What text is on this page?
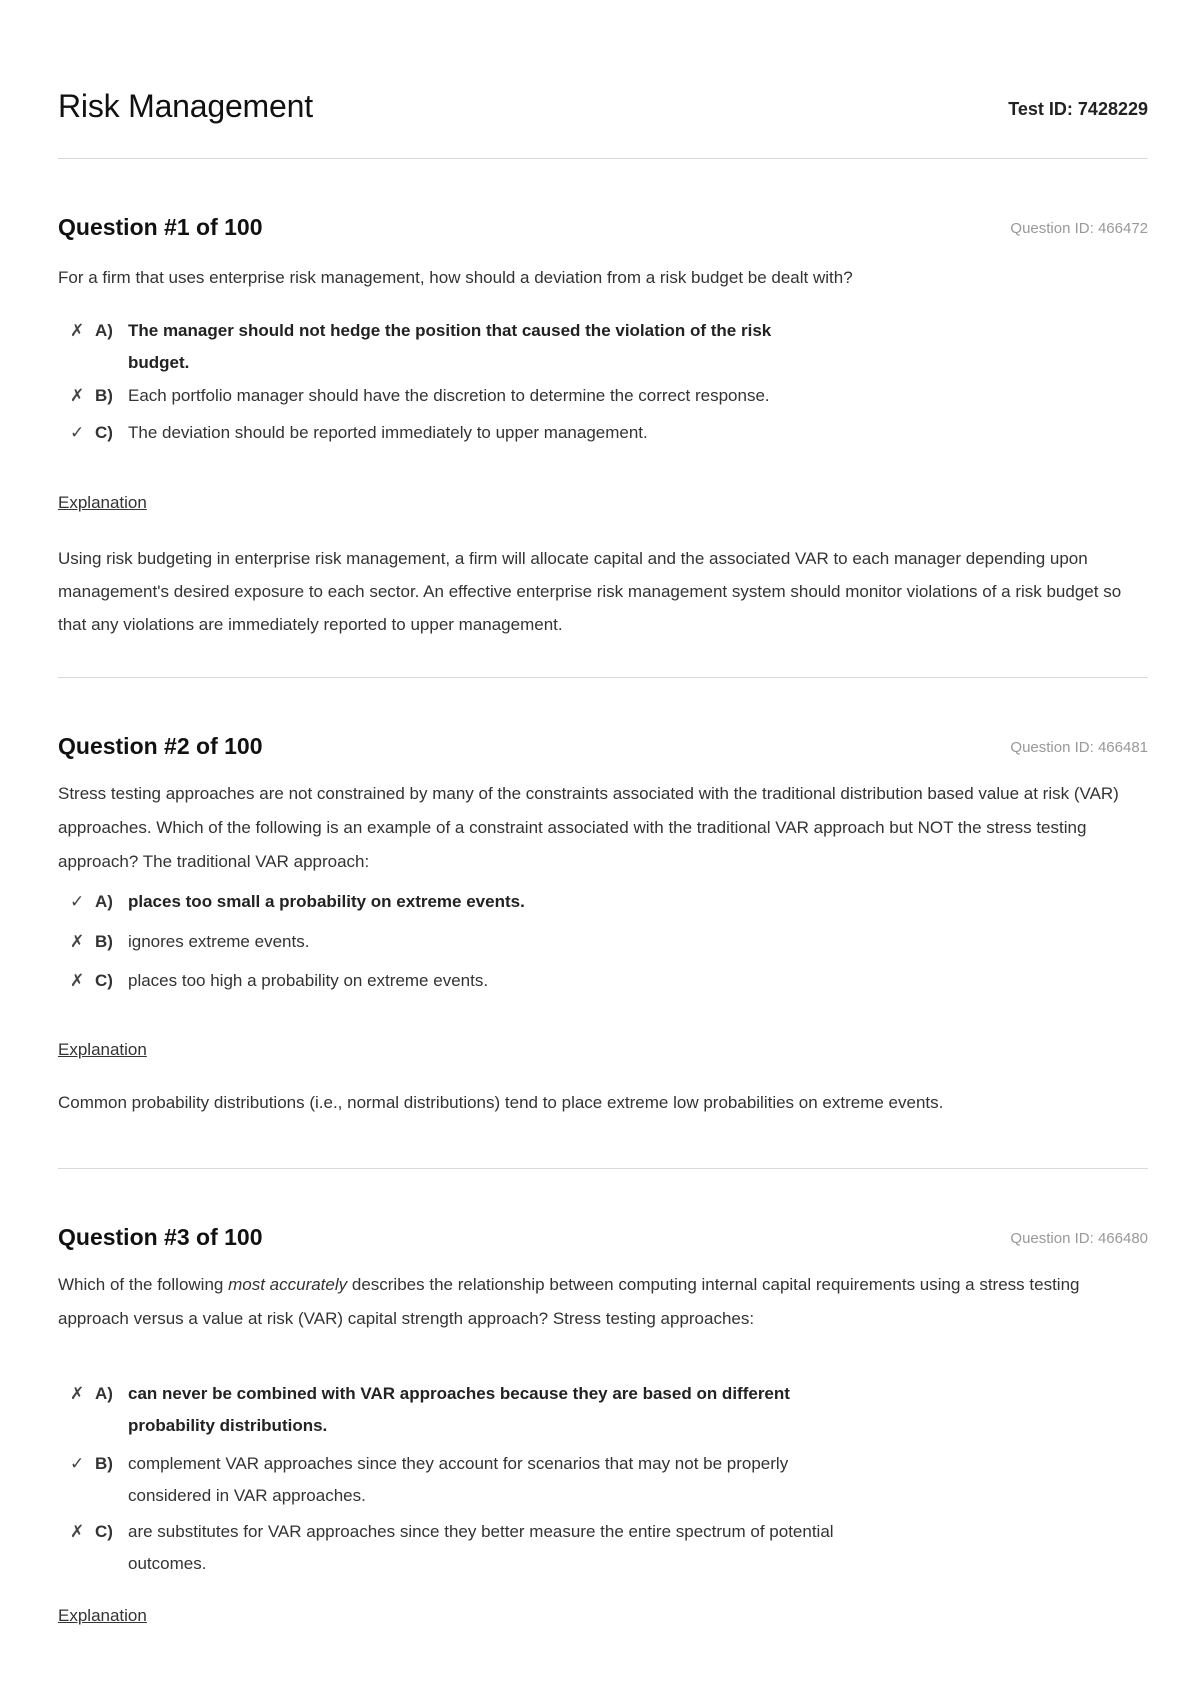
Risk Management	Test ID: 7428229
Question #1 of 100	Question ID: 466472

For a firm that uses enterprise risk management, how should a deviation from a risk budget be dealt with?

✗ A) The manager should not hedge the position that caused the violation of the risk budget.
✗ B) Each portfolio manager should have the discretion to determine the correct response.
✓ C) The deviation should be reported immediately to upper management.
Explanation

Using risk budgeting in enterprise risk management, a firm will allocate capital and the associated VAR to each manager depending upon management's desired exposure to each sector. An effective enterprise risk management system should monitor violations of a risk budget so that any violations are immediately reported to upper management.

Question #2 of 100	Question ID: 466481

Stress testing approaches are not constrained by many of the constraints associated with the traditional distribution based value at risk (VAR) approaches. Which of the following is an example of a constraint associated with the traditional VAR approach but NOT the stress testing approach? The traditional VAR approach:

✓ A) places too small a probability on extreme events.
✗ B) ignores extreme events.
✗ C) places too high a probability on extreme events.
Explanation

Common probability distributions (i.e., normal distributions) tend to place extreme low probabilities on extreme events.

Question #3 of 100	Question ID: 466480

Which of the following most accurately describes the relationship between computing internal capital requirements using a stress testing approach versus a value at risk (VAR) capital strength approach? Stress testing approaches:

✗ A) can never be combined with VAR approaches because they are based on different probability distributions.
✓ B) complement VAR approaches since they account for scenarios that may not be properly considered in VAR approaches.
✗ C) are substitutes for VAR approaches since they better measure the entire spectrum of potential outcomes.
Explanation
